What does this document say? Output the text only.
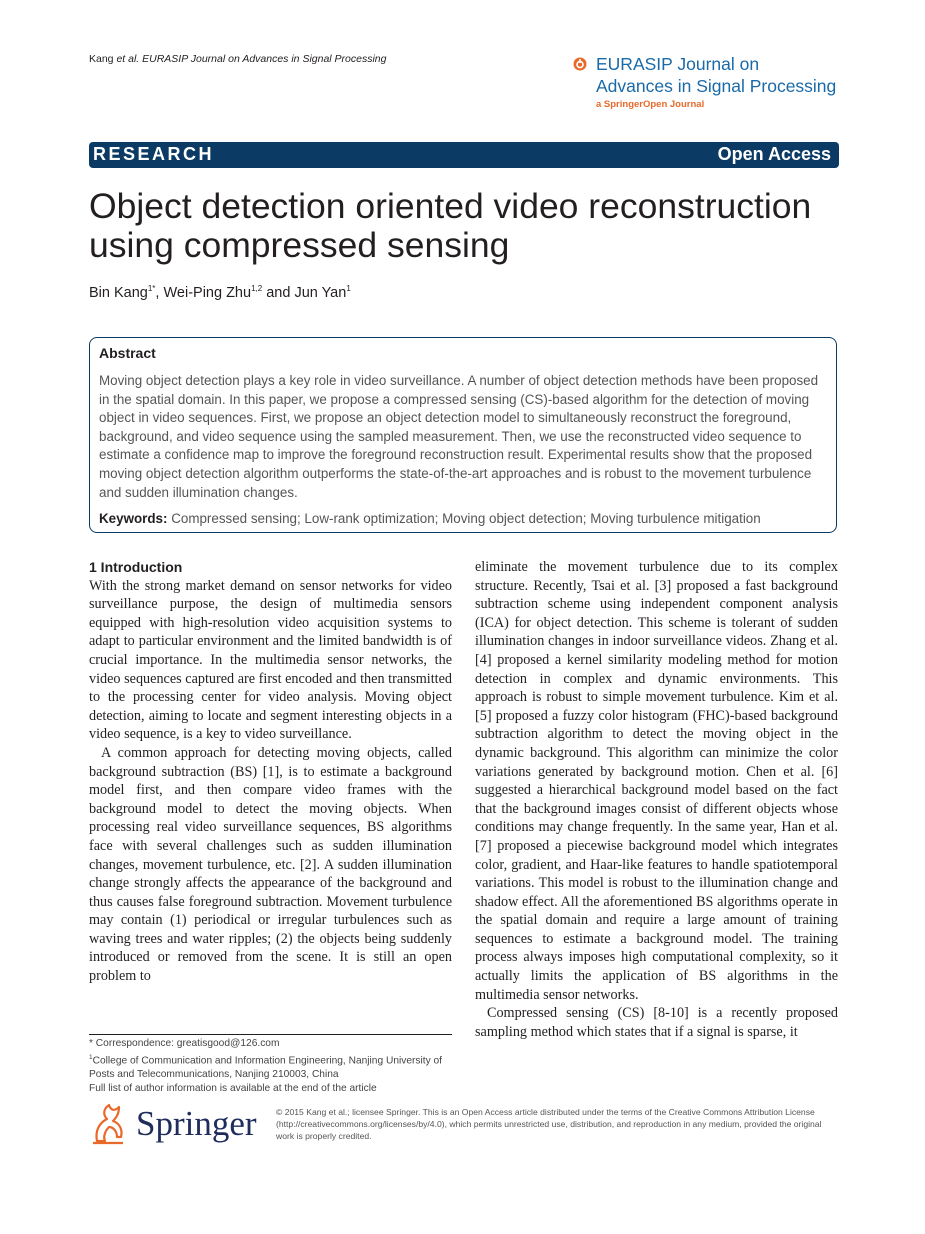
Kang et al. EURASIP Journal on Advances in Signal Processing	EURASIP Journal on
Advances in Signal Processing
a SpringerOpen Journal
RESEARCH	Open Access
Object detection oriented video reconstruction
using compressed sensing
Bin Kang$^{1*}$, Wei-Ping Zhu$^{1,2}$ and Jun Yan$^1$
Abstract
Moving object detection plays a key role in video surveillance. A number of object detection methods have been proposed in the spatial domain. In this paper, we propose a compressed sensing (CS)-based algorithm for the detection of moving object in video sequences. First, we propose an object detection model to simultaneously reconstruct the foreground, background, and video sequence using the sampled measurement. Then, we use the reconstructed video sequence to estimate a confidence map to improve the foreground reconstruction result. Experimental results show that the proposed moving object detection algorithm outperforms the state-of-the-art approaches and is robust to the movement turbulence and sudden illumination changes.
Keywords: Compressed sensing; Low-rank optimization; Moving object detection; Moving turbulence mitigation
1 Introduction

With the strong market demand on sensor networks for video surveillance purpose, the design of multimedia sensors equipped with high-resolution video acquisition systems to adapt to particular environment and the limited bandwidth is of crucial importance. In the multimedia sensor networks, the video sequences captured are first encoded and then transmitted to the processing center for video analysis. Moving object detection, aiming to locate and segment interesting objects in a video sequence, is a key to video surveillance.

A common approach for detecting moving objects, called background subtraction (BS) [1], is to estimate a background model first, and then compare video frames with the background model to detect the moving objects. When processing real video surveillance sequences, BS algorithms face with several challenges such as sudden illumination changes, movement turbulence, etc. [2]. A sudden illumination change strongly affects the appearance of the background and thus causes false foreground subtraction. Movement turbulence may contain (1) periodical or irregular turbulences such as waving trees and water ripples; (2) the objects being suddenly introduced or removed from the scene. It is still an open problem to

eliminate the movement turbulence due to its complex structure. Recently, Tsai et al. [3] proposed a fast background subtraction scheme using independent component analysis (ICA) for object detection. This scheme is tolerant of sudden illumination changes in indoor surveillance videos. Zhang et al. [4] proposed a kernel similarity modeling method for motion detection in complex and dynamic environments. This approach is robust to simple movement turbulence. Kim et al. [5] proposed a fuzzy color histogram (FHC)-based background subtraction algorithm to detect the moving object in the dynamic background. This algorithm can minimize the color variations generated by background motion. Chen et al. [6] suggested a hierarchical background model based on the fact that the background images consist of different objects whose conditions may change frequently. In the same year, Han et al. [7] proposed a piecewise background model which integrates color, gradient, and Haar-like features to handle spatiotemporal variations. This model is robust to the illumination change and shadow effect. All the aforementioned BS algorithms operate in the spatial domain and require a large amount of training sequences to estimate a background model. The training process always imposes high computational complexity, so it actually limits the application of BS algorithms in the multimedia sensor networks.

Compressed sensing (CS) [8-10] is a recently proposed sampling method which states that if a signal is sparse, it

* Correspondence: greatisgood@126.com

$^1$College of Communication and Information Engineering, Nanjing University of Posts and Telecommunications, Nanjing 210003, China

Full list of author information is available at the end of the article

Springer © 2015 Kang et al.; licensee Springer. This is an Open Access article distributed under the terms of the Creative Commons Attribution License (http://creativecommons.org/licenses/by/4.0), which permits unrestricted use, distribution, and reproduction in any medium, provided the original work is properly credited.
